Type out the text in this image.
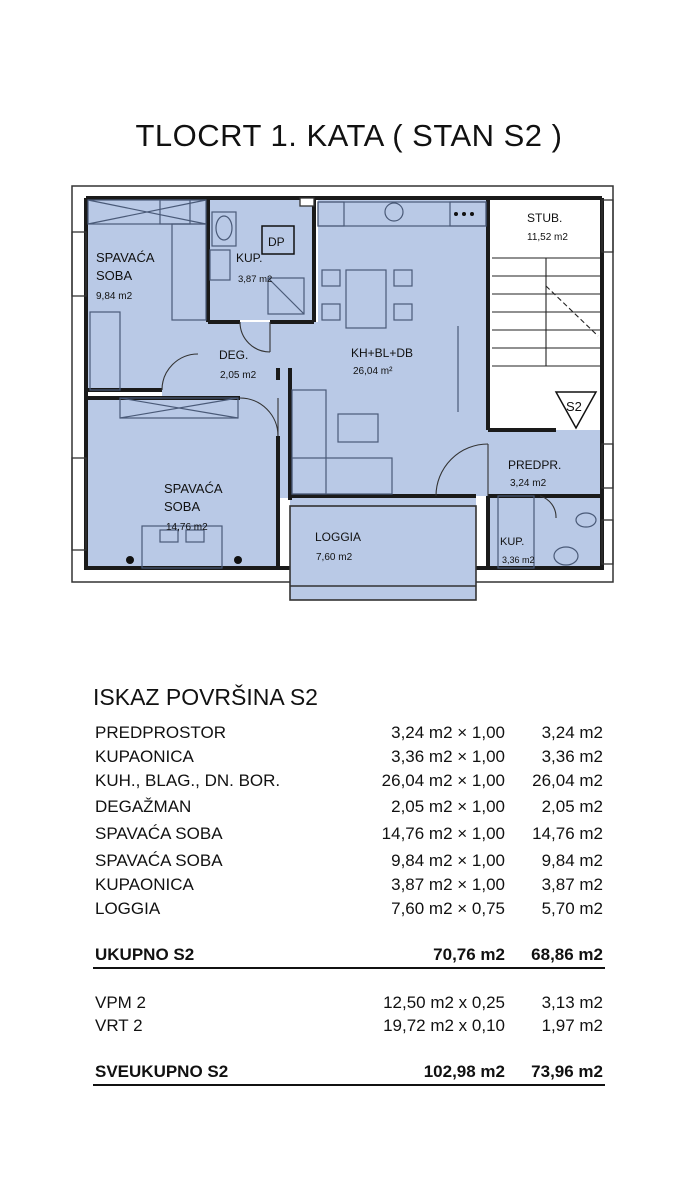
TLOCRT 1. KATA ( STAN S2 )
SPAVAĆA
SOBA
9,84 m2
KUP.
3,87 m2
DP
DEG.
2,05 m2
KH+BL+DB
26,04 m²
STUB.
11,52 m2
S2
PREDPR.
3,24 m2
SPAVAĆA
SOBA
14,76 m2
LOGGIA
7,60 m2
KUP.
3,36 m2
ISKAZ POVRŠINA S2
PREDPROSTOR	3,24 m2 × 1,00 3,24 m2
KUPAONICA	3,36 m2 × 1,00 3,36 m2
KUH., BLAG., DN. BOR.	26,04 m2 × 1,00 26,04 m2
DEGAŽMAN	2,05 m2 × 1,00 2,05 m2
SPAVAĆA SOBA	14,76 m2 × 1,00 14,76 m2
SPAVAĆA SOBA	9,84 m2 × 1,00 9,84 m2
KUPAONICA	3,87 m2 × 1,00 3,87 m2
LOGGIA	7,60 m2 × 0,75 5,70 m2
UKUPNO S2	70,76 m2 68,86 m2
VPM 2	12,50 m2 x 0,25 3,13 m2
VRT 2	19,72 m2 x 0,10 1,97 m2
SVEUKUPNO S2	102,98 m2 73,96 m2
